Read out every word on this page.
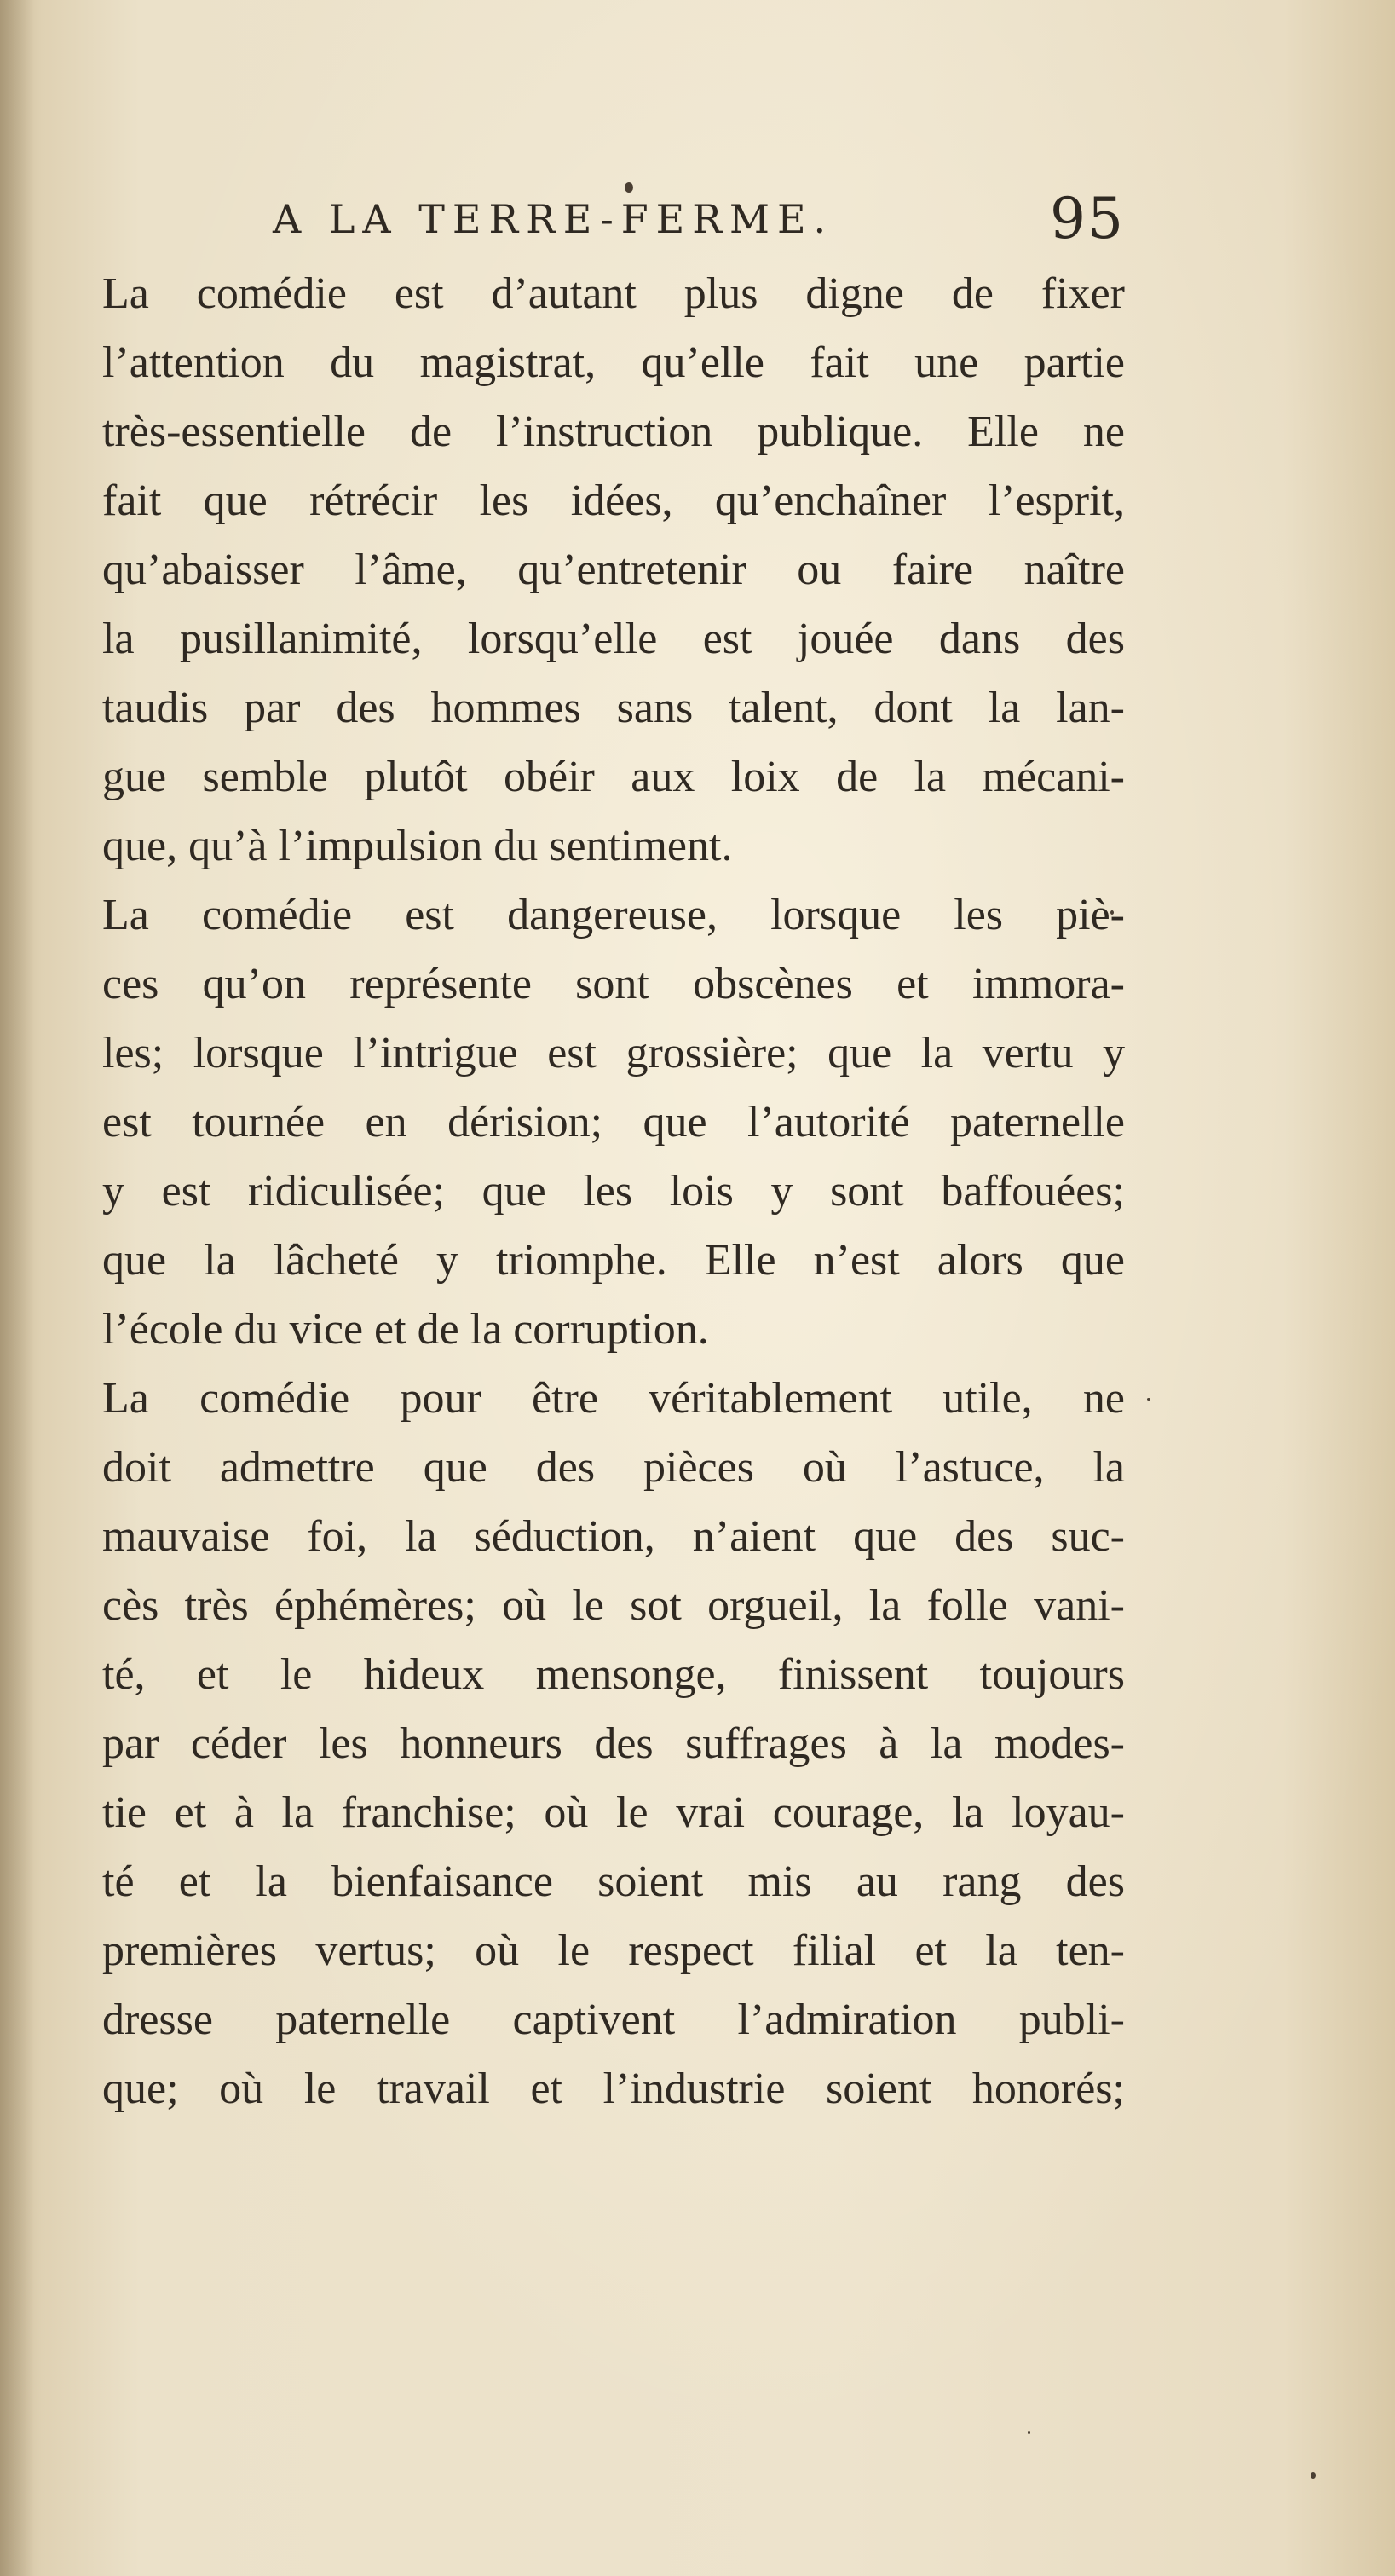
A LA TERRE-FERME.	95
La comédie est d’autant plus digne de fixer
l’attention du magistrat, qu’elle fait une partie
très-essentielle de l’instruction publique. Elle ne
fait que rétrécir les idées, qu’enchaîner l’esprit,
qu’abaisser l’âme, qu’entretenir ou faire naître
la pusillanimité, lorsqu’elle est jouée dans des
taudis par des hommes sans talent, dont la lan-
gue semble plutôt obéir aux loix de la mécani-
que, qu’à l’impulsion du sentiment.
La comédie est dangereuse, lorsque les piè-
ces qu’on représente sont obscènes et immora-
les; lorsque l’intrigue est grossière; que la vertu y
est tournée en dérision; que l’autorité paternelle
y est ridiculisée; que les lois y sont baffouées;
que la lâcheté y triomphe. Elle n’est alors que
l’école du vice et de la corruption.
La comédie pour être véritablement utile, ne
doit admettre que des pièces où l’astuce, la
mauvaise foi, la séduction, n’aient que des suc-
cès très éphémères; où le sot orgueil, la folle vani-
té, et le hideux mensonge, finissent toujours
par céder les honneurs des suffrages à la modes-
tie et à la franchise; où le vrai courage, la loyau-
té et la bienfaisance soient mis au rang des
premières vertus; où le respect filial et la ten-
dresse paternelle captivent l’admiration publi-
que; où le travail et l’industrie soient honorés;
